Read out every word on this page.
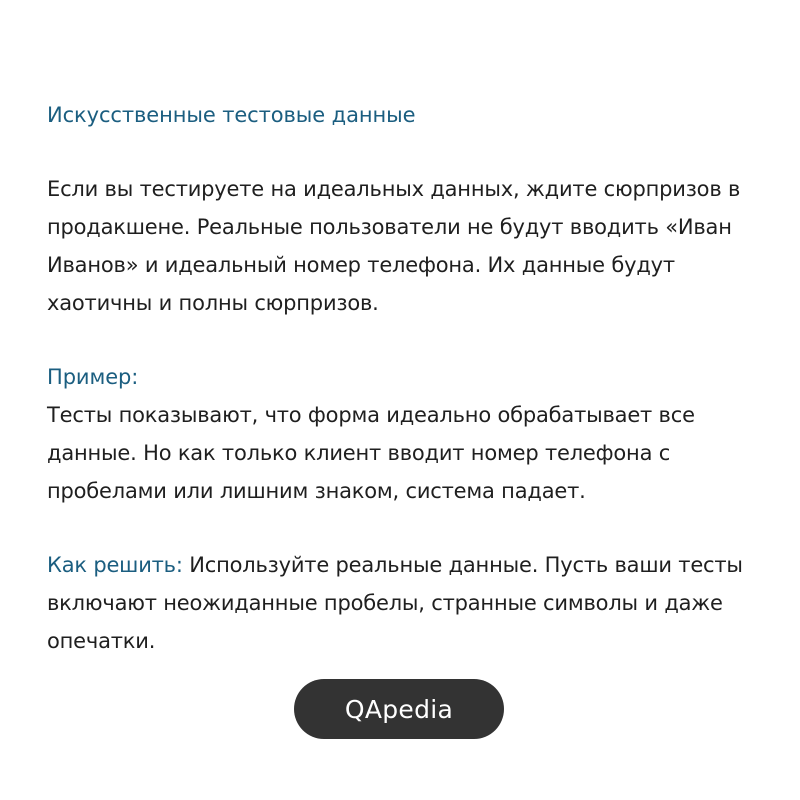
Искусственные тестовые данные
Если вы тестируете на идеальных данных, ждите сюрпризов в
продакшене. Реальные пользователи не будут вводить «Иван
Иванов» и идеальный номер телефона. Их данные будут
хаотичны и полны сюрпризов.
Пример:
Тесты показывают, что форма идеально обрабатывает все
данные. Но как только клиент вводит номер телефона с
пробелами или лишним знаком, система падает.
Как решить: Используйте реальные данные. Пусть ваши тесты
включают неожиданные пробелы, странные символы и даже
опечатки.
QApedia
